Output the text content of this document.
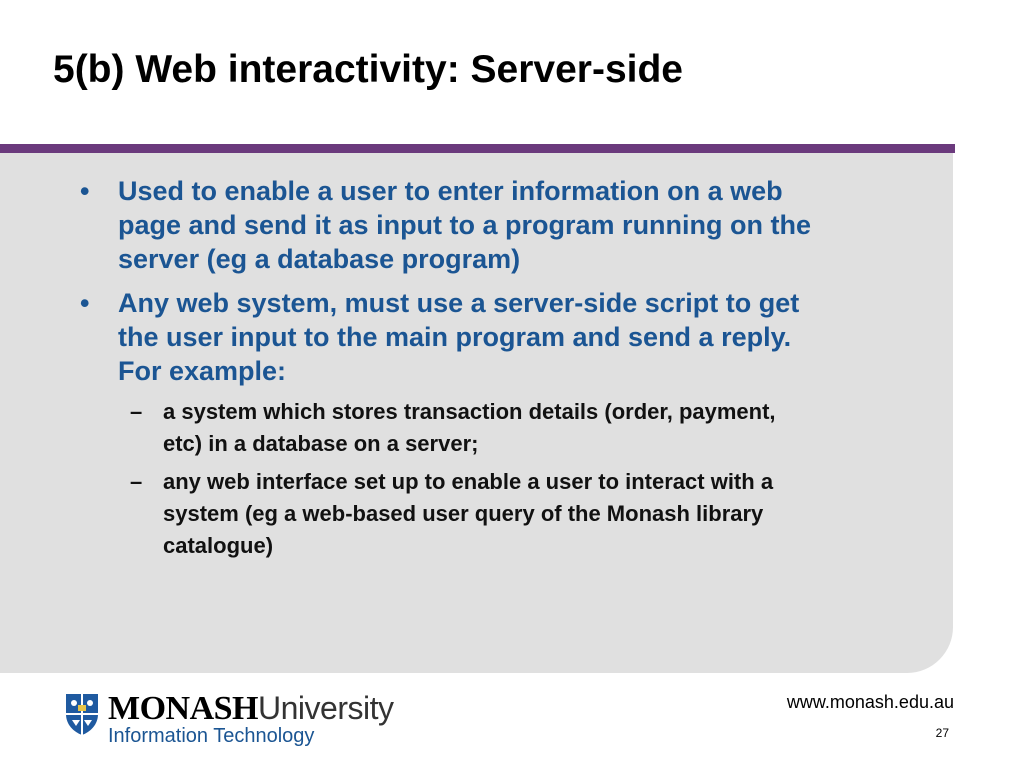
5(b) Web interactivity: Server-side
• Used to enable a user to enter information on a web page and send it as input to a program running on the server (eg a database program)
• Any web system, must use a server-side script to get the user input to the main program and send a reply. For example:
– a system which stores transaction details (order, payment, etc) in a database on a server;
– any web interface set up to enable a user to interact with a system (eg a web-based user query of the Monash library catalogue)
MONASHUniversity
Information Technology
www.monash.edu.au
27
